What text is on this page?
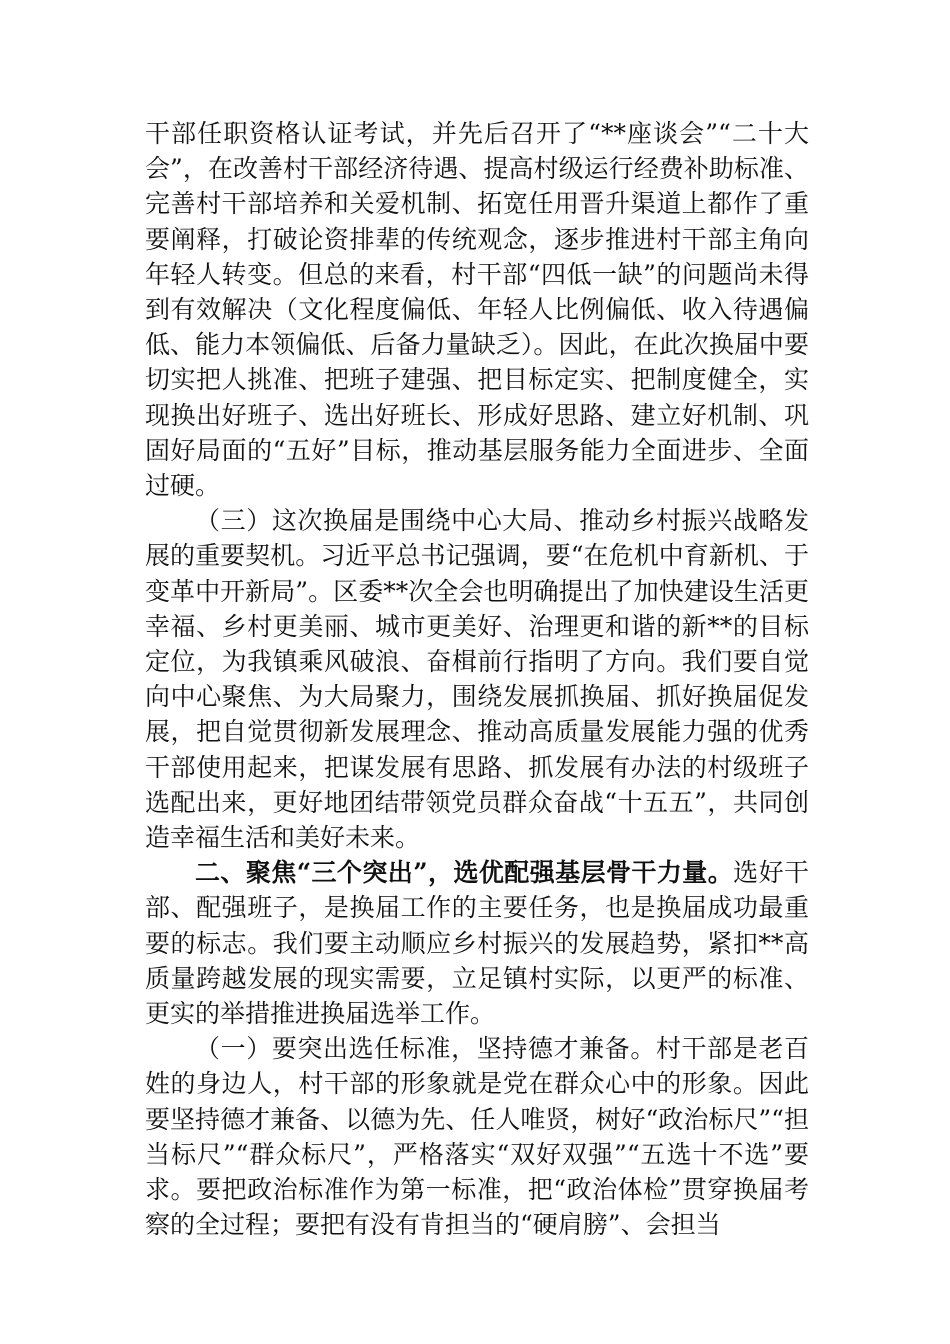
干部任职资格认证考试，并先后召开了“**座谈会”“二十大会”，在改善村干部经济待遇、提高村级运行经费补助标准、完善村干部培养和关爱机制、拓宽任用晋升渠道上都作了重要阐释，打破论资排辈的传统观念，逐步推进村干部主角向年轻人转变。但总的来看，村干部“四低一缺”的问题尚未得到有效解决（文化程度偏低、年轻人比例偏低、收入待遇偏低、能力本领偏低、后备力量缺乏）。因此，在此次换届中要切实把人挑准、把班子建强、把目标定实、把制度健全，实现换出好班子、选出好班长、形成好思路、建立好机制、巩固好局面的“五好”目标，推动基层服务能力全面进步、全面过硬。

（三）这次换届是围绕中心大局、推动乡村振兴战略发展的重要契机。习近平总书记强调，要“在危机中育新机、于变革中开新局”。区委**次全会也明确提出了加快建设生活更幸福、乡村更美丽、城市更美好、治理更和谐的新**的目标定位，为我镇乘风破浪、奋楫前行指明了方向。我们要自觉向中心聚焦、为大局聚力，围绕发展抓换届、抓好换届促发展，把自觉贯彻新发展理念、推动高质量发展能力强的优秀干部使用起来，把谋发展有思路、抓发展有办法的村级班子选配出来，更好地团结带领党员群众奋战“十五五”，共同创造幸福生活和美好未来。

二、聚焦“三个突出”，选优配强基层骨干力量。选好干部、配强班子，是换届工作的主要任务，也是换届成功最重要的标志。我们要主动顺应乡村振兴的发展趋势，紧扣**高质量跨越发展的现实需要，立足镇村实际，以更严的标准、更实的举措推进换届选举工作。

（一）要突出选任标准，坚持德才兼备。村干部是老百姓的身边人，村干部的形象就是党在群众心中的形象。因此要坚持德才兼备、以德为先、任人唯贤，树好“政治标尺”“担当标尺”“群众标尺”，严格落实“双好双强”“五选十不选”要求。要把政治标准作为第一标准，把“政治体检”贯穿换届考察的全过程；要把有没有肯担当的“硬肩膀”、会担当
